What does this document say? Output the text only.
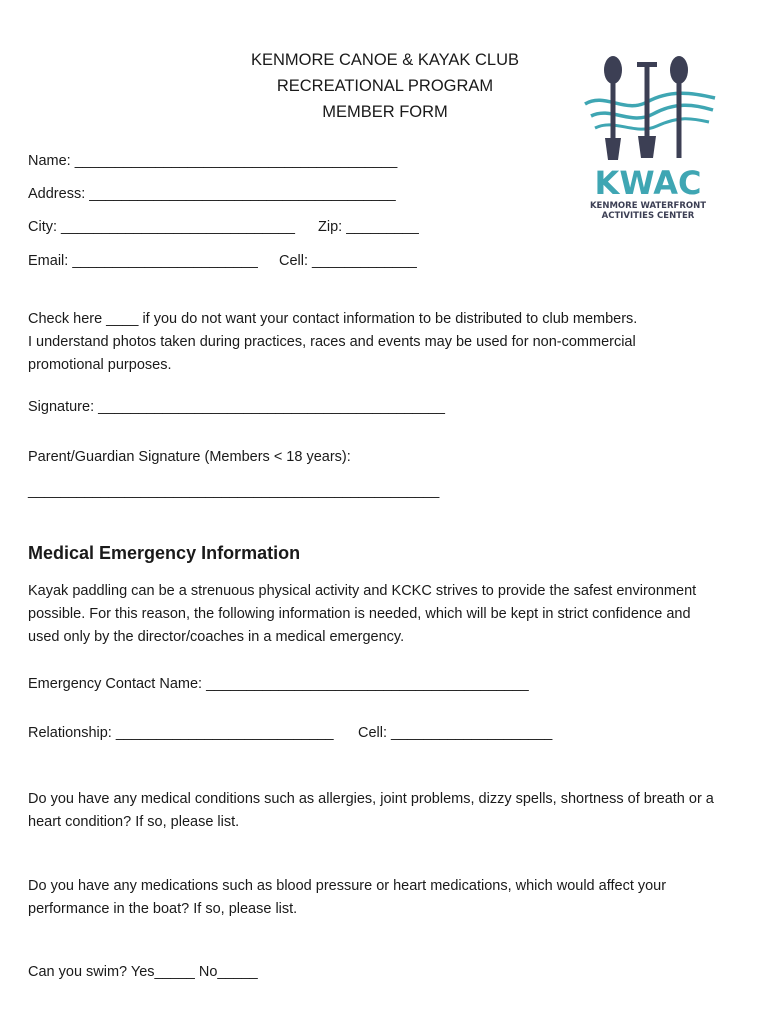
KENMORE CANOE & KAYAK CLUB
RECREATIONAL PROGRAM
MEMBER FORM
KWAC
KENMORE WATERFRONT
ACTIVITIES CENTER
Name: ________________________________________
Address: ______________________________________
City: _____________________________ Zip: _________
Email: _______________________ Cell: _____________
Check here ____ if you do not want your contact information to be distributed to club members.
I understand photos taken during practices, races and events may be used for non-commercial
promotional purposes.
Signature: ___________________________________________
Parent/Guardian Signature (Members < 18 years):
___________________________________________________
Medical Emergency Information
Kayak paddling can be a strenuous physical activity and KCKC strives to provide the safest environment
possible. For this reason, the following information is needed, which will be kept in strict confidence and
used only by the director/coaches in a medical emergency.
Emergency Contact Name: ________________________________________
Relationship: ___________________________ Cell: ____________________
Do you have any medical conditions such as allergies, joint problems, dizzy spells, shortness of breath or a
heart condition? If so, please list.
Do you have any medications such as blood pressure or heart medications, which would affect your
performance in the boat? If so, please list.
Can you swim? Yes_____ No_____
